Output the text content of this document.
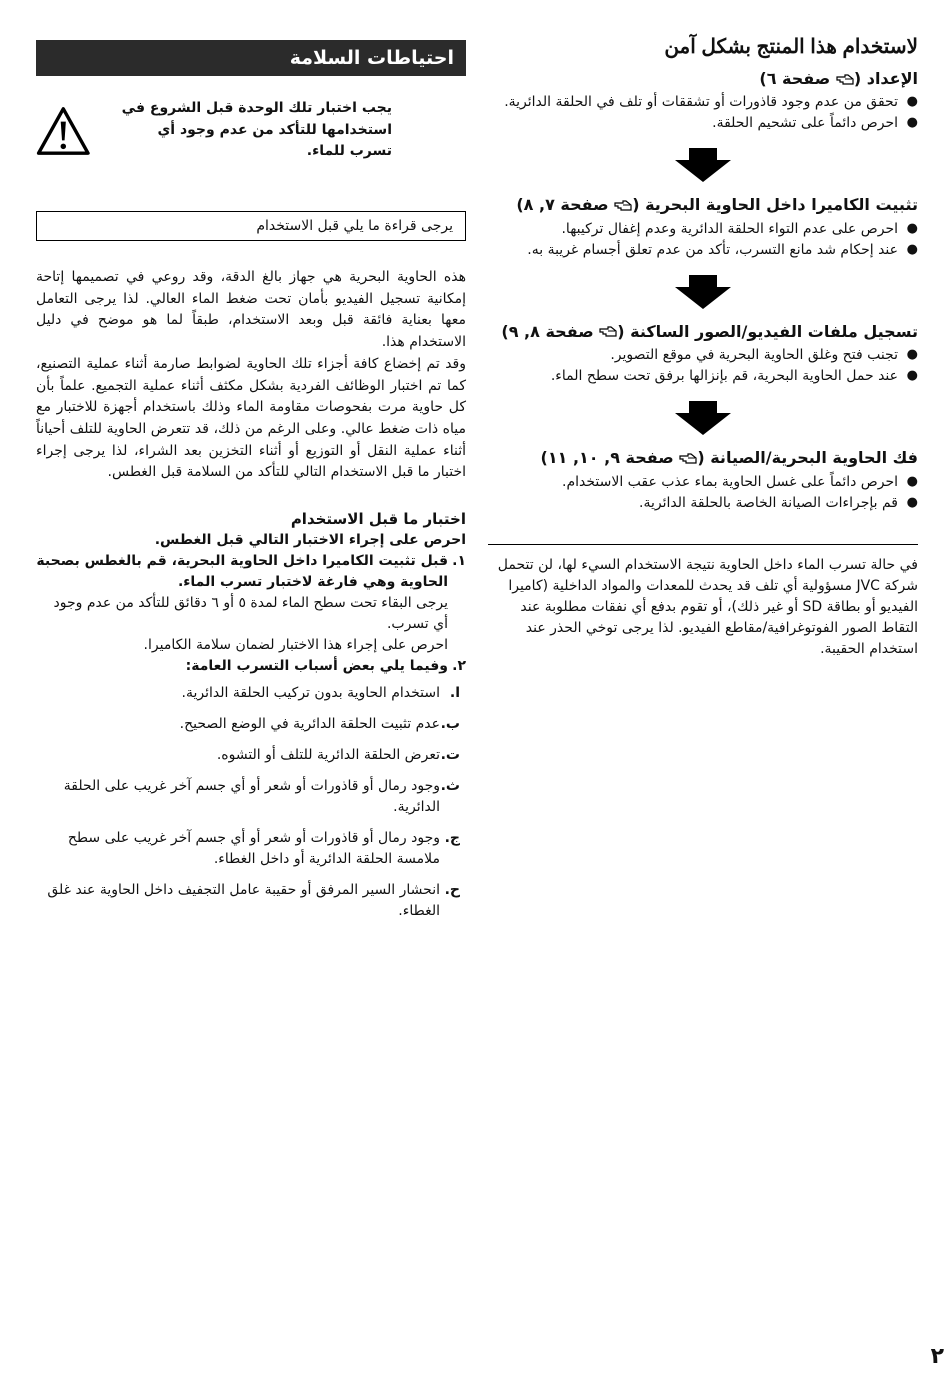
لاستخدام هذا المنتج بشكل آمن
الإعداد ( صفحة ٦)
● تحقق من عدم وجود قاذورات أو تشققات أو تلف في الحلقة الدائرية.
● احرص دائماً على تشحيم الحلقة.
تثبيت الكاميرا داخل الحاوية البحرية ( صفحة ٧, ٨)
● احرص على عدم التواء الحلقة الدائرية وعدم إغفال تركيبها.
● عند إحكام شد مانع التسرب، تأكد من عدم تعلق أجسام غريبة به.
تسجيل ملفات الفيديو/الصور الساكنة ( صفحة ٨, ٩)
● تجنب فتح وغلق الحاوية البحرية في موقع التصوير.
● عند حمل الحاوية البحرية، قم بإنزالها برفق تحت سطح الماء.
فك الحاوية البحرية/الصيانة ( صفحة ٩, ١٠, ١١)
● احرص دائماً على غسل الحاوية بماء عذب عقب الاستخدام.
● قم بإجراءات الصيانة الخاصة بالحلقة الدائرية.

في حالة تسرب الماء داخل الحاوية نتيجة الاستخدام السيء لها، لن تتحمل شركة JVC مسؤولية أي تلف قد يحدث للمعدات والمواد الداخلية (كاميرا الفيديو أو بطاقة SD أو غير ذلك)، أو تقوم بدفع أي نفقات مطلوبة عند التقاط الصور الفوتوغرافية/مقاطع الفيديو. لذا يرجى توخي الحذر عند استخدام الحقيبة.

احتياطات السلامة

يجب اختبار تلك الوحدة قبل الشروع في استخدامها للتأكد من عدم وجود أي تسرب للماء.

يرجى قراءة ما يلي قبل الاستخدام

هذه الحاوية البحرية هي جهاز بالغ الدقة، وقد روعي في تصميمها إتاحة إمكانية تسجيل الفيديو بأمان تحت ضغط الماء العالي. لذا يرجى التعامل معها بعناية فائقة قبل وبعد الاستخدام، طبقاً لما هو موضح في دليل الاستخدام هذا.

وقد تم إخضاع كافة أجزاء تلك الحاوية لضوابط صارمة أثناء عملية التصنيع، كما تم اختبار الوظائف الفردية بشكل مكثف أثناء عملية التجميع. علماً بأن كل حاوية مرت بفحوصات مقاومة الماء وذلك باستخدام أجهزة للاختبار مع مياه ذات ضغط عالي. وعلى الرغم من ذلك، قد تتعرض الحاوية للتلف أحياناً أثناء عملية النقل أو التوزيع أو أثناء التخزين بعد الشراء، لذا يرجى إجراء اختبار ما قبل الاستخدام التالي للتأكد من السلامة قبل الغطس.

اختبار ما قبل الاستخدام
احرص على إجراء الاختبار التالي قبل الغطس.
١.
قبل تثبيت الكاميرا داخل الحاوية البحرية، قم بالغطس بصحبة الحاوية وهي فارغة لاختبار تسرب الماء.

يرجى البقاء تحت سطح الماء لمدة ٥ أو ٦ دقائق للتأكد من عدم وجود أي تسرب.

احرص على إجراء هذا الاختبار لضمان سلامة الكاميرا.

٢.
وفيما يلي بعض أسباب التسرب العامة:
ا.
استخدام الحاوية بدون تركيب الحلقة الدائرية.
ب.
عدم تثبيت الحلقة الدائرية في الوضع الصحيح.
ت.
تعرض الحلقة الدائرية للتلف أو التشوه.
ث.
وجود رمال أو قاذورات أو شعر أو أي جسم آخر غريب على الحلقة الدائرية.
ج.
وجود رمال أو قاذورات أو شعر أو أي جسم آخر غريب على سطح ملامسة الحلقة الدائرية أو داخل الغطاء.
ح.
انحشار السير المرفق أو حقيبة عامل التجفيف داخل الحاوية عند غلق الغطاء.
٢
